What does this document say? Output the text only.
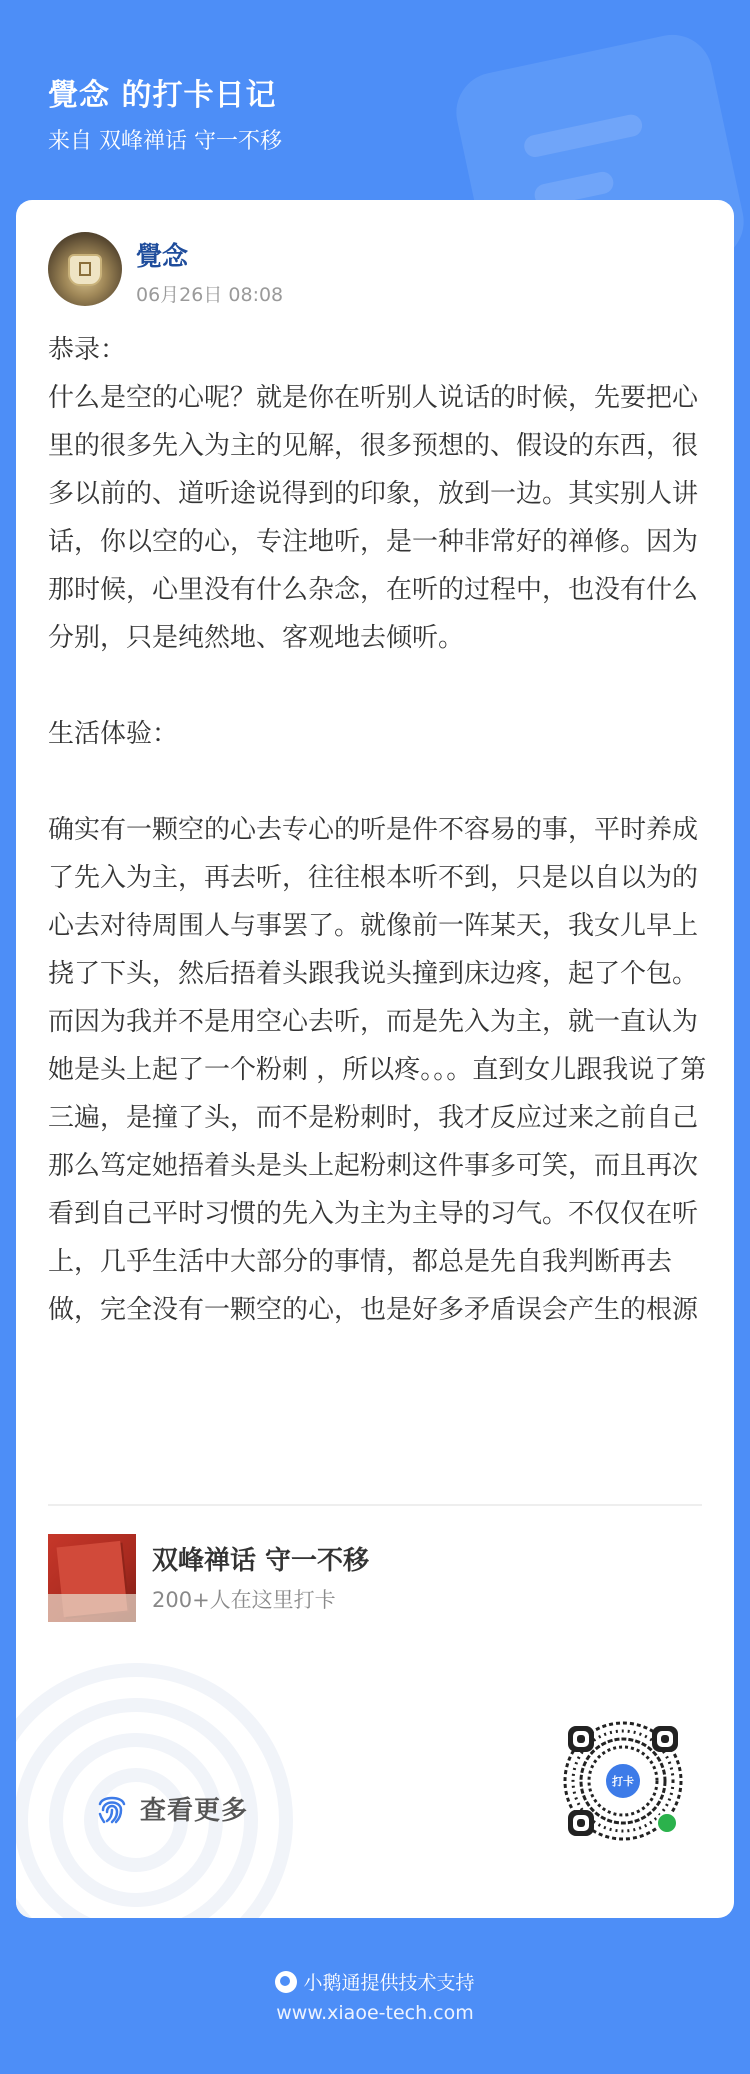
覺念 的打卡日记
来自 双峰禅话 守一不移
覺念
06月26日 08:08
恭录：
什么是空的心呢？就是你在听别人说话的时候，先要把心里的很多先入为主的见解，很多预想的、假设的东西，很多以前的、道听途说得到的印象，放到一边。其实别人讲话，你以空的心，专注地听，是一种非常好的禅修。因为那时候，心里没有什么杂念，在听的过程中，也没有什么分别，只是纯然地、客观地去倾听。

生活体验：

确实有一颗空的心去专心的听是件不容易的事，平时养成了先入为主，再去听，往往根本听不到，只是以自以为的心去对待周围人与事罢了。就像前一阵某天，我女儿早上挠了下头，然后捂着头跟我说头撞到床边疼，起了个包。而因为我并不是用空心去听，而是先入为主，就一直认为她是头上起了一个粉刺 ，所以疼。。。直到女儿跟我说了第三遍，是撞了头，而不是粉刺时，我才反应过来之前自己那么笃定她捂着头是头上起粉刺这件事多可笑，而且再次看到自己平时习惯的先入为主为主导的习气。不仅仅在听上，几乎生活中大部分的事情，都总是先自我判断再去做，完全没有一颗空的心，也是好多矛盾误会产生的根源
双峰禅话 守一不移
200+人在这里打卡
查看更多
打卡
小鹅通提供技术支持
www.xiaoe-tech.com
